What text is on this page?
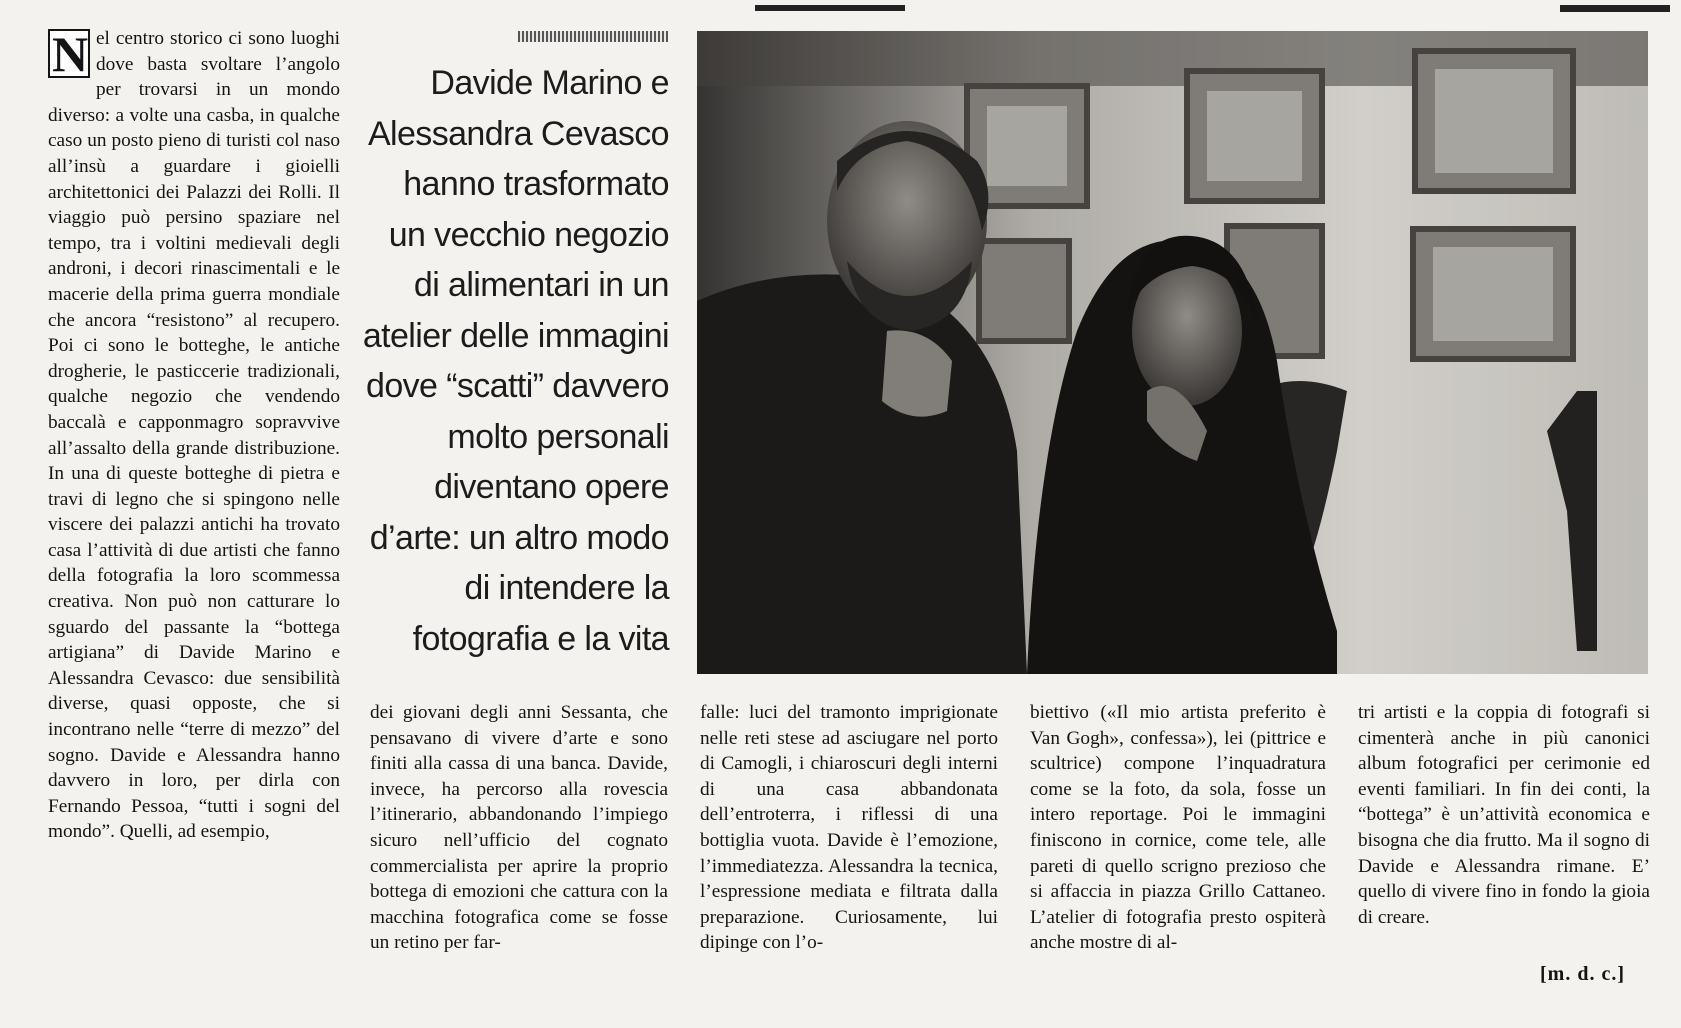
N el centro storico ci sono luoghi dove basta svoltare l’angolo per trovarsi in un mondo diverso: a volte una casba, in qualche caso un posto pieno di turisti col naso all’insù a guardare i gioielli architettonici dei Palazzi dei Rolli. Il viaggio può persino spaziare nel tempo, tra i voltini medievali degli androni, i decori rinascimentali e le macerie della prima guerra mondiale che ancora “resistono” al recupero. Poi ci sono le botteghe, le antiche drogherie, le pasticcerie tradizionali, qualche negozio che vendendo baccalà e capponmagro sopravvive all’assalto della grande distribuzione. In una di queste botteghe di pietra e travi di legno che si spingono nelle viscere dei palazzi antichi ha trovato casa l’attività di due artisti che fanno della fotografia la loro scommessa creativa. Non può non catturare lo sguardo del passante la “bottega artigiana” di Davide Marino e Alessandra Cevasco: due sensibilità diverse, quasi opposte, che si incontrano nelle “terre di mezzo” del sogno. Davide e Alessandra hanno davvero in loro, per dirla con Fernando Pessoa, “tutti i sogni del mondo”. Quelli, ad esempio,

Davide Marino e
Alessandra Cevasco
hanno trasformato
un vecchio negozio
di alimentari in un
atelier delle immagini
dove “scatti” davvero
molto personali
diventano opere
d’arte: un altro modo
di intendere la
fotografia e la vita

dei giovani degli anni Sessanta, che pensavano di vivere d’arte e sono finiti alla cassa di una banca. Davide, invece, ha percorso alla rovescia l’itinerario, abbandonando l’impiego sicuro nell’ufficio del cognato commercialista per aprire la proprio bottega di emozioni che cattura con la macchina fotografica come se fosse un retino per far-

falle: luci del tramonto imprigionate nelle reti stese ad asciugare nel porto di Camogli, i chiaroscuri degli interni di una casa abbandonata dell’entroterra, i riflessi di una bottiglia vuota. Davide è l’emozione, l’immediatezza. Alessandra la tecnica, l’espressione mediata e filtrata dalla preparazione. Curiosamente, lui dipinge con l’o-

biettivo («Il mio artista preferito è Van Gogh», confessa»), lei (pittrice e scultrice) compone l’inquadratura come se la foto, da sola, fosse un intero reportage. Poi le immagini finiscono in cornice, come tele, alle pareti di quello scrigno prezioso che si affaccia in piazza Grillo Cattaneo. L’atelier di fotografia presto ospiterà anche mostre di al-

tri artisti e la coppia di fotografi si cimenterà anche in più canonici album fotografici per cerimonie ed eventi familiari. In fin dei conti, la “bottega” è un’attività economica e bisogna che dia frutto. Ma il sogno di Davide e Alessandra rimane. E’ quello di vivere fino in fondo la gioia di creare.

[m. d. c.]
